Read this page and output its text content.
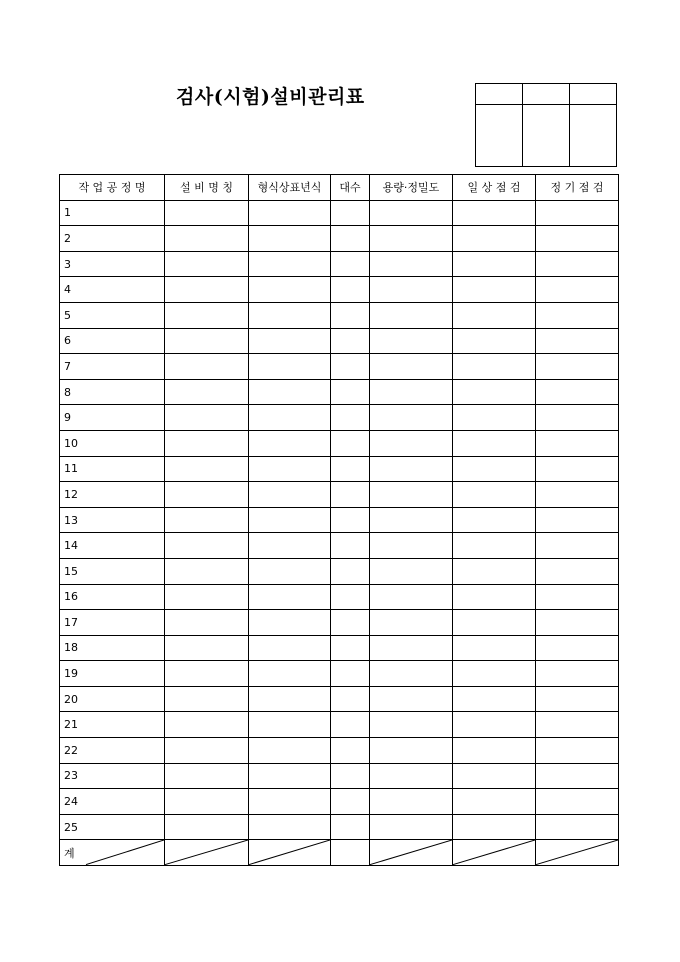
검사(시험)설비관리표

작 업 공 정 명	설 비 명 칭	형식상표년식	대수	용량·정밀도	일 상 점 검	정 기 점 검
1						
2						
3						
4						
5						
6						
7						
8						
9						
10						
11						
12						
13						
14						
15						
16						
17						
18						
19						
20						
21						
22						
23						
24						
25						
계
